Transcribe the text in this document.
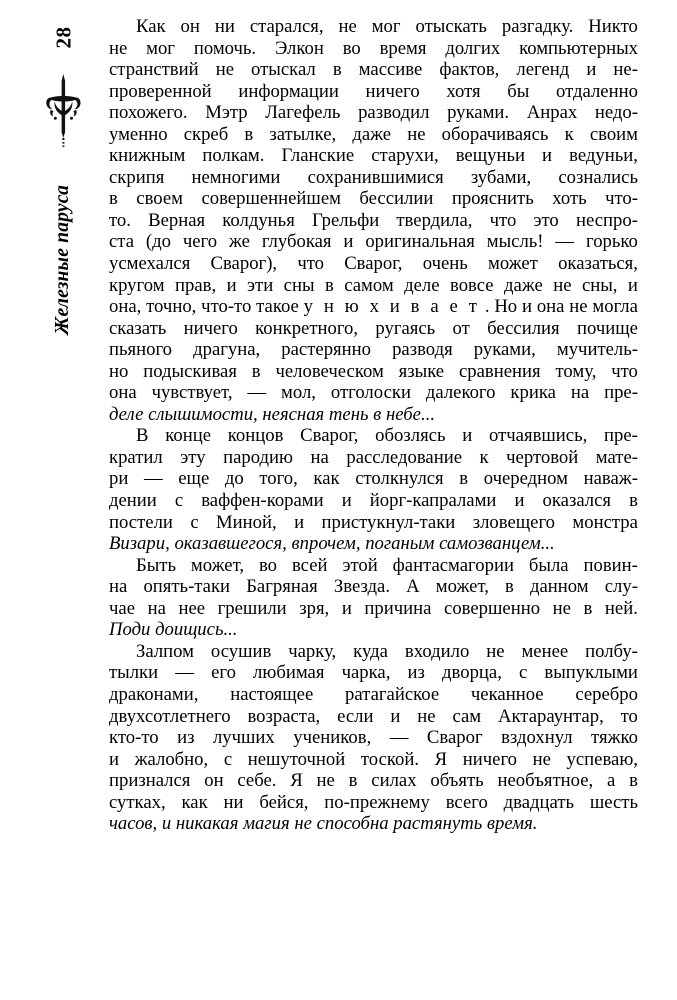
28
Железные паруса
Как он ни старался, не мог отыскать разгадку. Никто
не мог помочь. Элкон во время долгих компьютерных
странствий не отыскал в массиве фактов, легенд и не-
проверенной информации ничего хотя бы отдаленно
похожего. Мэтр Лагефель разводил руками. Анрах недо-
уменно скреб в затылке, даже не оборачиваясь к своим
книжным полкам. Гланские старухи, вещуньи и ведуньи,
скрипя немногими сохранившимися зубами, сознались
в своем совершеннейшем бессилии прояснить хоть что-
то. Верная колдунья Грельфи твердила, что это неспро-
ста (до чего же глубокая и оригинальная мысль! — горько
усмехался Сварог), что Сварог, очень может оказаться,
кругом прав, и эти сны в самом деле вовсе даже не сны, и
она, точно, что-то такое у н ю х и в а е т . Но и она не могла
сказать ничего конкретного, ругаясь от бессилия почище
пьяного драгуна, растерянно разводя руками, мучитель-
но подыскивая в человеческом языке сравнения тому, что
она чувствует, — мол, отголоски далекого крика на пре-
деле слышимости, неясная тень в небе...
В конце концов Сварог, обозлясь и отчаявшись, пре-
кратил эту пародию на расследование к чертовой мате-
ри — еще до того, как столкнулся в очередном наваж-
дении с ваффен-корами и йорг-капралами и оказался в
постели с Миной, и пристукнул-таки зловещего монстра
Визари, оказавшегося, впрочем, поганым самозванцем...
Быть может, во всей этой фантасмагории была повин-
на опять-таки Багряная Звезда. А может, в данном слу-
чае на нее грешили зря, и причина совершенно не в ней.
Поди доищись...
Залпом осушив чарку, куда входило не менее полбу-
тылки — его любимая чарка, из дворца, с выпуклыми
драконами, настоящее ратагайское чеканное серебро
двухсотлетнего возраста, если и не сам Актараунтар, то
кто-то из лучших учеников, — Сварог вздохнул тяжко
и жалобно, с нешуточной тоской. Я ничего не успеваю,
признался он себе. Я не в силах объять необъятное, а в
сутках, как ни бейся, по-прежнему всего двадцать шесть
часов, и никакая магия не способна растянуть время.
